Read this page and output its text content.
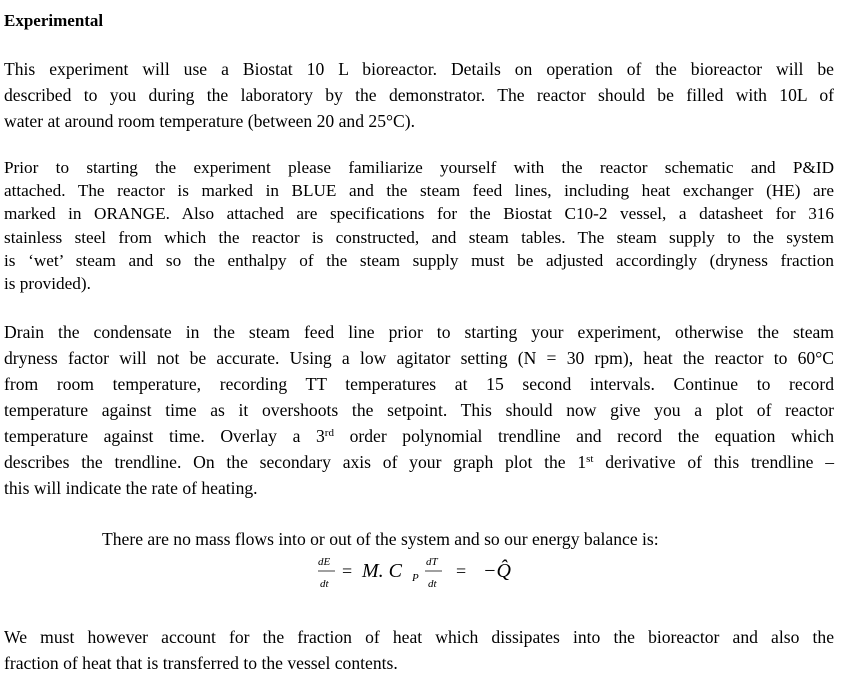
Experimental
This experiment will use a Biostat 10 L bioreactor. Details on operation of the bioreactor will be
described to you during the laboratory by the demonstrator. The reactor should be filled with 10L of
water at around room temperature (between 20 and 25°C).
Prior to starting the experiment please familiarize yourself with the reactor schematic and P&ID
attached. The reactor is marked in BLUE and the steam feed lines, including heat exchanger (HE) are
marked in ORANGE. Also attached are specifications for the Biostat C10-2 vessel, a datasheet for 316
stainless steel from which the reactor is constructed, and steam tables. The steam supply to the system
is ‘wet’ steam and so the enthalpy of the steam supply must be adjusted accordingly (dryness fraction
is provided).
Drain the condensate in the steam feed line prior to starting your experiment, otherwise the steam
dryness factor will not be accurate. Using a low agitator setting (N = 30 rpm), heat the reactor to 60°C
from room temperature, recording TT temperatures at 15 second intervals. Continue to record
temperature against time as it overshoots the setpoint. This should now give you a plot of reactor
temperature against time. Overlay a 3rd order polynomial trendline and record the equation which
describes the trendline. On the secondary axis of your graph plot the 1st derivative of this trendline –
this will indicate the rate of heating.
There are no mass flows into or out of the system and so our energy balance is:
dE
dt
= M. C P
dT
dt
= −Q̂
We must however account for the fraction of heat which dissipates into the bioreactor and also the
fraction of heat that is transferred to the vessel contents.
